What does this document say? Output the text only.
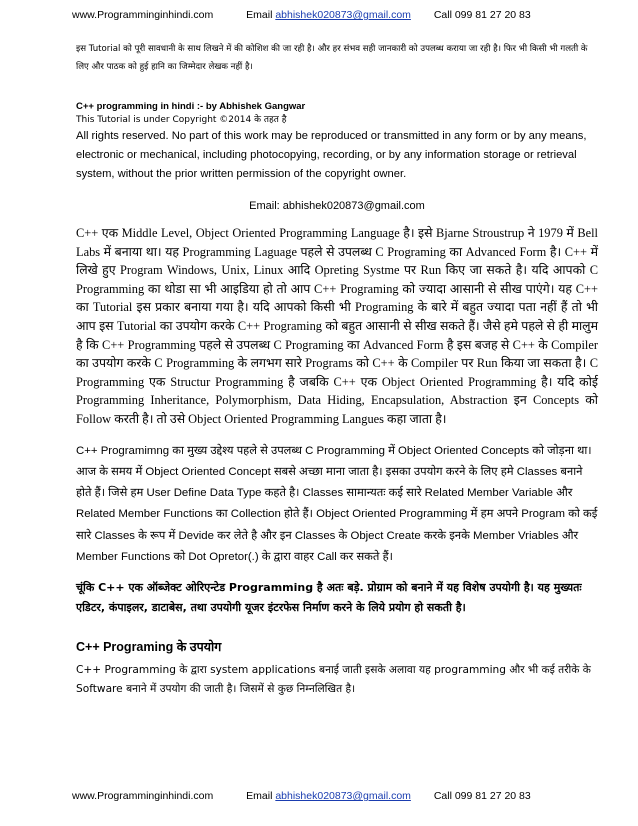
www.Programminginhindi.com	Email abhishek020873@gmail.com Call 099 81 27 20 83

इस Tutorial को पूरी सावधानी के साथ लिखने में की कोशिश की जा रही है। और हर संभव सही जानकारी को उपलब्ध कराया जा रही है। फिर भी किसी भी गलती के लिए और पाठक को हुई हानि का जिम्मेदार लेखक नहीं है।

C++ programming in hindi :- by Abhishek Gangwar

This Tutorial is under Copyright ©2014 के तहत है

All rights reserved. No part of this work may be reproduced or transmitted in any form or by any means, electronic or mechanical, including photocopying, recording, or by any information storage or retrieval system, without the prior written permission of the copyright owner.

Email: abhishek020873@gmail.com

C++ एक Middle Level, Object Oriented Programming Language है। इसे Bjarne Stroustrup ने 1979 में Bell Labs में बनाया था। यह Programming Laguage पहले से उपलब्ध C Programing का Advanced Form है। C++ में लिखे हुए Program Windows, Unix, Linux आदि Opreting Systme पर Run किए जा सकते है। यदि आपको C Programming का थोडा सा भी आइडिया हो तो आप C++ Programing को ज्यादा आसानी से सीख पाएंगे। यह C++ का Tutorial इस प्रकार बनाया गया है। यदि आपको किसी भी Programing के बारे में बहुत ज्यादा पता नहीं हैं तो भी आप इस Tutorial का उपयोग करके C++ Programing को बहुत आसानी से सीख सकते हैं। जैसे हमे पहले से ही मालुम है कि C++ Programming पहले से उपलब्ध C Programing का Advanced Form है इस बजह से C++ के Compiler का उपयोग करके C Programming के लगभग सारे Programs को C++ के Compiler पर Run किया जा सकता है। C Programming एक Structur Programming है जबकि C++ एक Object Oriented Programming है। यदि कोई Programming Inheritance, Polymorphism, Data Hiding, Encapsulation, Abstraction इन Concepts को Follow करती है। तो उसे Object Oriented Programming Langues कहा जाता है।

C++ Programimng का मुख्य उद्देश्य पहले से उपलब्ध C Programming में Object Oriented Concepts को जोड़ना था। आज के समय में Object Oriented Concept सबसे अच्छा माना जाता है। इसका उपयोग करने के लिए हमे Classes बनाने होते हैं। जिसे हम User Define Data Type कहते है। Classes सामान्यतः कई सारे Related Member Variable और Related Member Functions का Collection होते हैं। Object Oriented Programming में हम अपने Program को कई सारे Classes के रूप में Devide कर लेते है और इन Classes के Object Create करके इनके Member Vriables और Member Functions को Dot Opretor(.) के द्वारा वाहर Call कर सकते हैं।

चूंकि C++ एक ऑब्जेक्ट ओरिएन्टेड Programming है अतः बड़े. प्रोग्राम को बनाने में यह विशेष उपयोगी है। यह मुख्यतः एडिटर, कंपाइलर, डाटाबेस, तथा उपयोगी यूजर इंटरफेस निर्माण करने के लिये प्रयोग हो सकती है।

C++ Programing के उपयोग

C++ Programming के द्वारा system applications बनाई जाती इसके अलावा यह programming और भी कई तरीके के Software बनाने में उपयोग की जाती है। जिसमें से कुछ निम्नलिखित है।

www.Programminginhindi.com	Email abhishek020873@gmail.com Call 099 81 27 20 83
